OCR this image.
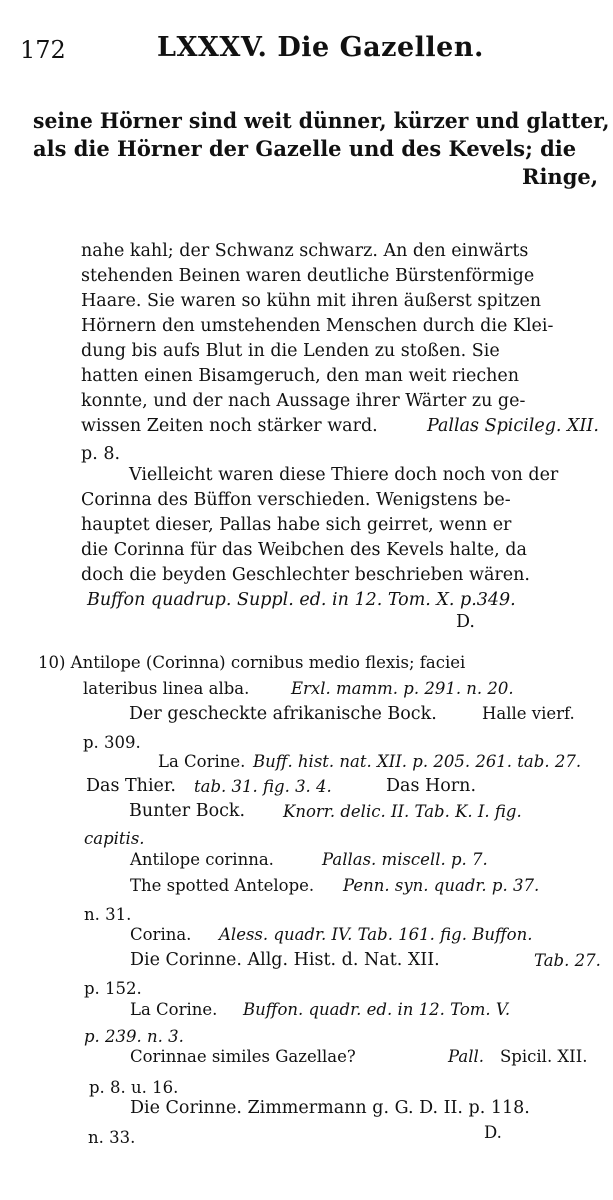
172	LXXXV. Die Gazellen.
seine Hörner sind weit dünner, kürzer und glatter,
als die Hörner der Gazelle und des Kevels; die
Ringe,
nahe kahl; der Schwanz schwarz. An den einwärts
stehenden Beinen waren deutliche Bürstenförmige
Haare. Sie waren so kühn mit ihren äußerst spitzen
Hörnern den umstehenden Menschen durch die Klei-
dung bis aufs Blut in die Lenden zu stoßen. Sie
hatten einen Bisamgeruch, den man weit riechen
konnte, und der nach Aussage ihrer Wärter zu ge-
wissen Zeiten noch stärker ward.	Pallas Spicileg. XII.
p. 8.
Vielleicht waren diese Thiere doch noch von der
Corinna des Büffon verschieden. Wenigstens be-
hauptet dieser, Pallas habe sich geirret, wenn er
die Corinna für das Weibchen des Kevels halte, da
doch die beyden Geschlechter beschrieben wären.
Buffon quadrup. Suppl. ed. in 12. Tom. X. p.349.
D.
10) Antilope (Corinna) cornibus medio flexis; faciei
lateribus linea alba.	Erxl. mamm. p. 291. n. 20.
Der gescheckte afrikanische Bock.	Halle vierf.
p. 309.
La Corine. Buff. hist. nat. XII. p. 205. 261. tab. 27.
Das Thier. tab. 31. fig. 3. 4.	Das Horn.
Bunter Bock. Knorr. delic. II. Tab. K. I. fig.
capitis.
Antilope corinna.	Pallas. miscell. p. 7.
The spotted Antelope. Penn. syn. quadr. p. 37.
n. 31.
Corina. Aless. quadr. IV. Tab. 161. fig. Buffon.
Die Corinne. Allg. Hist. d. Nat. XII.	Tab. 27.
p. 152.
La Corine. Buffon. quadr. ed. in 12. Tom. V.
p. 239. n. 3.
Corinnae similes Gazellae?	Pall. Spicil. XII.
p. 8. u. 16.
Die Corinne. Zimmermann g. G. D. II. p. 118.
n. 33.	D.
